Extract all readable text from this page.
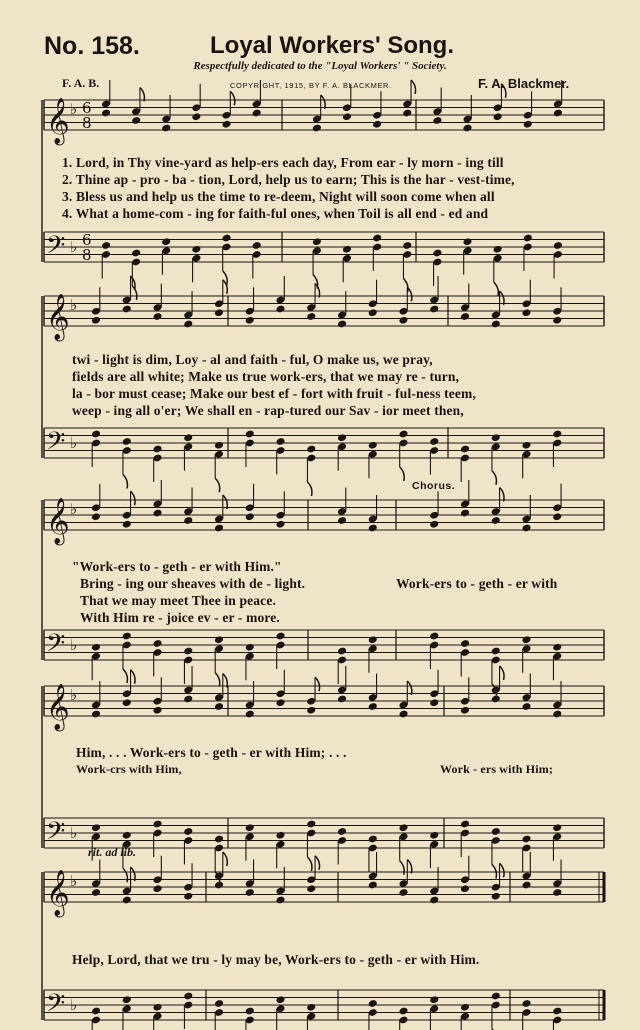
No. 158.	Loyal Workers' Song.
Respectfully dedicated to the "Loyal Workers' " Society.
F. A. B.	COPYRIGHT, 1915, BY F. A. BLACKMER.	F. A. Blackmer.
𝄞 ♭ 6
8
𝄢 ♭ 6
8
𝄞 ♭
𝄢 ♭
𝄞 ♭
𝄢 ♭
𝄞 ♭
𝄢 ♭
𝄞 ♭
𝄢 ♭
1. Lord, in Thy vine-yard as help-ers each day, From ear - ly morn - ing till
2. Thine ap - pro - ba - tion, Lord, help us to earn; This is the har - vest-time,
3. Bless us and help us the time to re-deem, Night will soon come when all
4. What a home-com - ing for faith-ful ones, when Toil is all end - ed and
twi - light is dim, Loy - al and faith - ful, O make us, we pray,
fields are all white; Make us true work-ers, that we may re - turn,
la - bor must cease; Make our best ef - fort with fruit - ful-ness teem,
weep - ing all o'er; We shall en - rap-tured our Sav - ior meet then,
Chorus.
"Work-ers to - geth - er with Him."
Bring - ing our sheaves with de - light.
That we may meet Thee in peace.
With Him re - joice ev - er - more.
Work-ers to - geth - er with
Him, . . . Work-ers to - geth - er with Him; . . .
Work-crs with Him,	Work - ers with Him;
rit. ad lib.
Help, Lord, that we tru - ly may be, Work-ers to - geth - er with Him.
